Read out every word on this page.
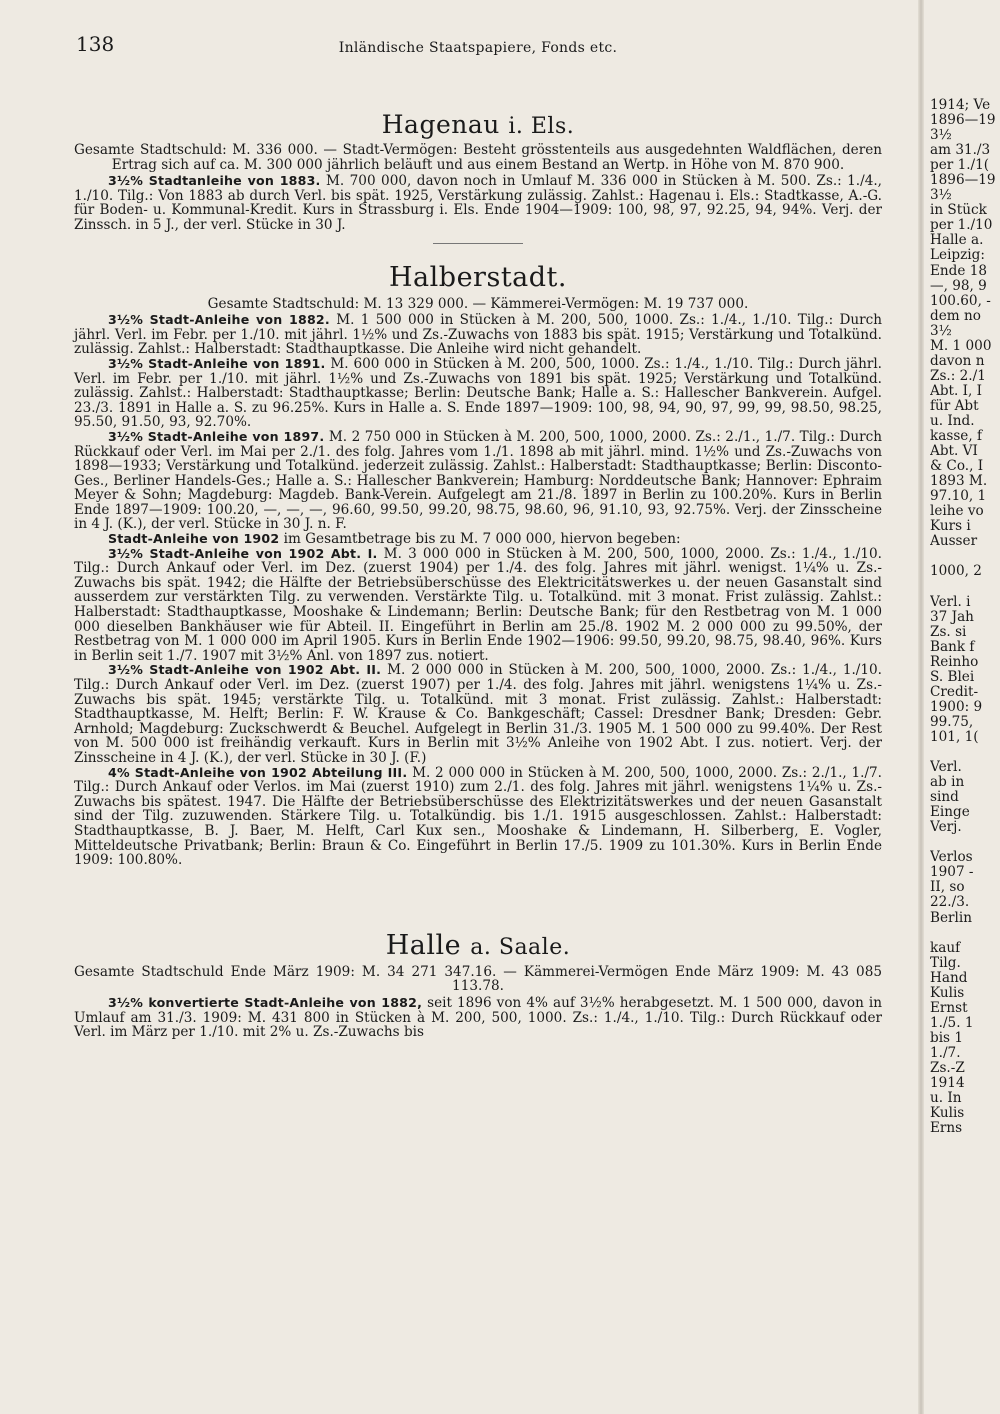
138	Inländische Staatspapiere, Fonds etc.
Hagenau i. Els.

Gesamte Stadtschuld: M. 336 000. — Stadt-Vermögen: Besteht grösstenteils aus ausgedehnten Waldflächen, deren Ertrag sich auf ca. M. 300 000 jährlich beläuft und aus einem Bestand an Wertp. in Höhe von M. 870 900.

3½% Stadtanleihe von 1883. M. 700 000, davon noch in Umlauf M. 336 000 in Stücken à M. 500. Zs.: 1./4., 1./10. Tilg.: Von 1883 ab durch Verl. bis spät. 1925, Verstärkung zulässig. Zahlst.: Hagenau i. Els.: Stadtkasse, A.-G. für Boden- u. Kommunal-Kredit. Kurs in Strassburg i. Els. Ende 1904—1909: 100, 98, 97, 92.25, 94, 94%. Verj. der Zinssch. in 5 J., der verl. Stücke in 30 J.

Halberstadt.

Gesamte Stadtschuld: M. 13 329 000. — Kämmerei-Vermögen: M. 19 737 000.

3½% Stadt-Anleihe von 1882. M. 1 500 000 in Stücken à M. 200, 500, 1000. Zs.: 1./4., 1./10. Tilg.: Durch jährl. Verl. im Febr. per 1./10. mit jährl. 1½% und Zs.-Zuwachs von 1883 bis spät. 1915; Verstärkung und Totalkünd. zulässig. Zahlst.: Halberstadt: Stadthauptkasse. Die Anleihe wird nicht gehandelt.

3½% Stadt-Anleihe von 1891. M. 600 000 in Stücken à M. 200, 500, 1000. Zs.: 1./4., 1./10. Tilg.: Durch jährl. Verl. im Febr. per 1./10. mit jährl. 1½% und Zs.-Zuwachs von 1891 bis spät. 1925; Verstärkung und Totalkünd. zulässig. Zahlst.: Halberstadt: Stadthauptkasse; Berlin: Deutsche Bank; Halle a. S.: Hallescher Bankverein. Aufgel. 23./3. 1891 in Halle a. S. zu 96.25%. Kurs in Halle a. S. Ende 1897—1909: 100, 98, 94, 90, 97, 99, 99, 98.50, 98.25, 95.50, 91.50, 93, 92.70%.

3½% Stadt-Anleihe von 1897. M. 2 750 000 in Stücken à M. 200, 500, 1000, 2000. Zs.: 2./1., 1./7. Tilg.: Durch Rückkauf oder Verl. im Mai per 2./1. des folg. Jahres vom 1./1. 1898 ab mit jährl. mind. 1½% und Zs.-Zuwachs von 1898—1933; Verstärkung und Totalkünd. jederzeit zulässig. Zahlst.: Halberstadt: Stadthauptkasse; Berlin: Disconto-Ges., Berliner Handels-Ges.; Halle a. S.: Hallescher Bankverein; Hamburg: Norddeutsche Bank; Hannover: Ephraim Meyer & Sohn; Magdeburg: Magdeb. Bank-Verein. Aufgelegt am 21./8. 1897 in Berlin zu 100.20%. Kurs in Berlin Ende 1897—1909: 100.20, —, —, —, 96.60, 99.50, 99.20, 98.75, 98.60, 96, 91.10, 93, 92.75%. Verj. der Zinsscheine in 4 J. (K.), der verl. Stücke in 30 J. n. F.

Stadt-Anleihe von 1902 im Gesamtbetrage bis zu M. 7 000 000, hiervon begeben:

3½% Stadt-Anleihe von 1902 Abt. I. M. 3 000 000 in Stücken à M. 200, 500, 1000, 2000. Zs.: 1./4., 1./10. Tilg.: Durch Ankauf oder Verl. im Dez. (zuerst 1904) per 1./4. des folg. Jahres mit jährl. wenigst. 1¼% u. Zs.-Zuwachs bis spät. 1942; die Hälfte der Betriebsüberschüsse des Elektricitätswerkes u. der neuen Gasanstalt sind ausserdem zur verstärkten Tilg. zu verwenden. Verstärkte Tilg. u. Totalkünd. mit 3 monat. Frist zulässig. Zahlst.: Halberstadt: Stadthauptkasse, Mooshake & Lindemann; Berlin: Deutsche Bank; für den Restbetrag von M. 1 000 000 dieselben Bankhäuser wie für Abteil. II. Eingeführt in Berlin am 25./8. 1902 M. 2 000 000 zu 99.50%, der Restbetrag von M. 1 000 000 im April 1905. Kurs in Berlin Ende 1902—1906: 99.50, 99.20, 98.75, 98.40, 96%. Kurs in Berlin seit 1./7. 1907 mit 3½% Anl. von 1897 zus. notiert.

3½% Stadt-Anleihe von 1902 Abt. II. M. 2 000 000 in Stücken à M. 200, 500, 1000, 2000. Zs.: 1./4., 1./10. Tilg.: Durch Ankauf oder Verl. im Dez. (zuerst 1907) per 1./4. des folg. Jahres mit jährl. wenigstens 1¼% u. Zs.-Zuwachs bis spät. 1945; verstärkte Tilg. u. Totalkünd. mit 3 monat. Frist zulässig. Zahlst.: Halberstadt: Stadthauptkasse, M. Helft; Berlin: F. W. Krause & Co. Bankgeschäft; Cassel: Dresdner Bank; Dresden: Gebr. Arnhold; Magdeburg: Zuckschwerdt & Beuchel. Aufgelegt in Berlin 31./3. 1905 M. 1 500 000 zu 99.40%. Der Rest von M. 500 000 ist freihändig verkauft. Kurs in Berlin mit 3½% Anleihe von 1902 Abt. I zus. notiert. Verj. der Zinsscheine in 4 J. (K.), der verl. Stücke in 30 J. (F.)

4% Stadt-Anleihe von 1902 Abteilung III. M. 2 000 000 in Stücken à M. 200, 500, 1000, 2000. Zs.: 2./1., 1./7. Tilg.: Durch Ankauf oder Verlos. im Mai (zuerst 1910) zum 2./1. des folg. Jahres mit jährl. wenigstens 1¼% u. Zs.-Zuwachs bis spätest. 1947. Die Hälfte der Betriebsüberschüsse des Elektrizitätswerkes und der neuen Gasanstalt sind der Tilg. zuzuwenden. Stärkere Tilg. u. Totalkündig. bis 1./1. 1915 ausgeschlossen. Zahlst.: Halberstadt: Stadthauptkasse, B. J. Baer, M. Helft, Carl Kux sen., Mooshake & Lindemann, H. Silberberg, E. Vogler, Mitteldeutsche Privatbank; Berlin: Braun & Co. Eingeführt in Berlin 17./5. 1909 zu 101.30%. Kurs in Berlin Ende 1909: 100.80%.

Halle a. Saale.

Gesamte Stadtschuld Ende März 1909: M. 34 271 347.16. — Kämmerei-Vermögen Ende März 1909: M. 43 085 113.78.

3½% konvertierte Stadt-Anleihe von 1882, seit 1896 von 4% auf 3½% herabgesetzt. M. 1 500 000, davon in Umlauf am 31./3. 1909: M. 431 800 in Stücken à M. 200, 500, 1000. Zs.: 1./4., 1./10. Tilg.: Durch Rückkauf oder Verl. im März per 1./10. mit 2% u. Zs.-Zuwachs bis

1914; Ve
1896—19
3½
am 31./3
per 1./1(
1896—19
3½
in Stück
per 1./10
Halle a.
Leipzig:
Ende 18
—, 98, 9
100.60, -
dem no
3½
M. 1 000
davon n
Zs.: 2./1
Abt. I, I
für Abt
u. Ind.
kasse, f
Abt. VI
& Co., I
1893 M.
97.10, 1
leihe vo
Kurs i
Ausser

1000, 2

Verl. i
37 Jah
Zs. si
Bank f
Reinho
S. Blei
Credit-
1900: 9
99.75,
101, 1(

Verl.
ab in
sind
Einge
Verj.

Verlos
1907 -
II, so
22./3.
Berlin

kauf
Tilg.
Hand
Kulis
Ernst
1./5. 1
bis 1
1./7.
Zs.-Z
1914
u. In
Kulis
Erns
